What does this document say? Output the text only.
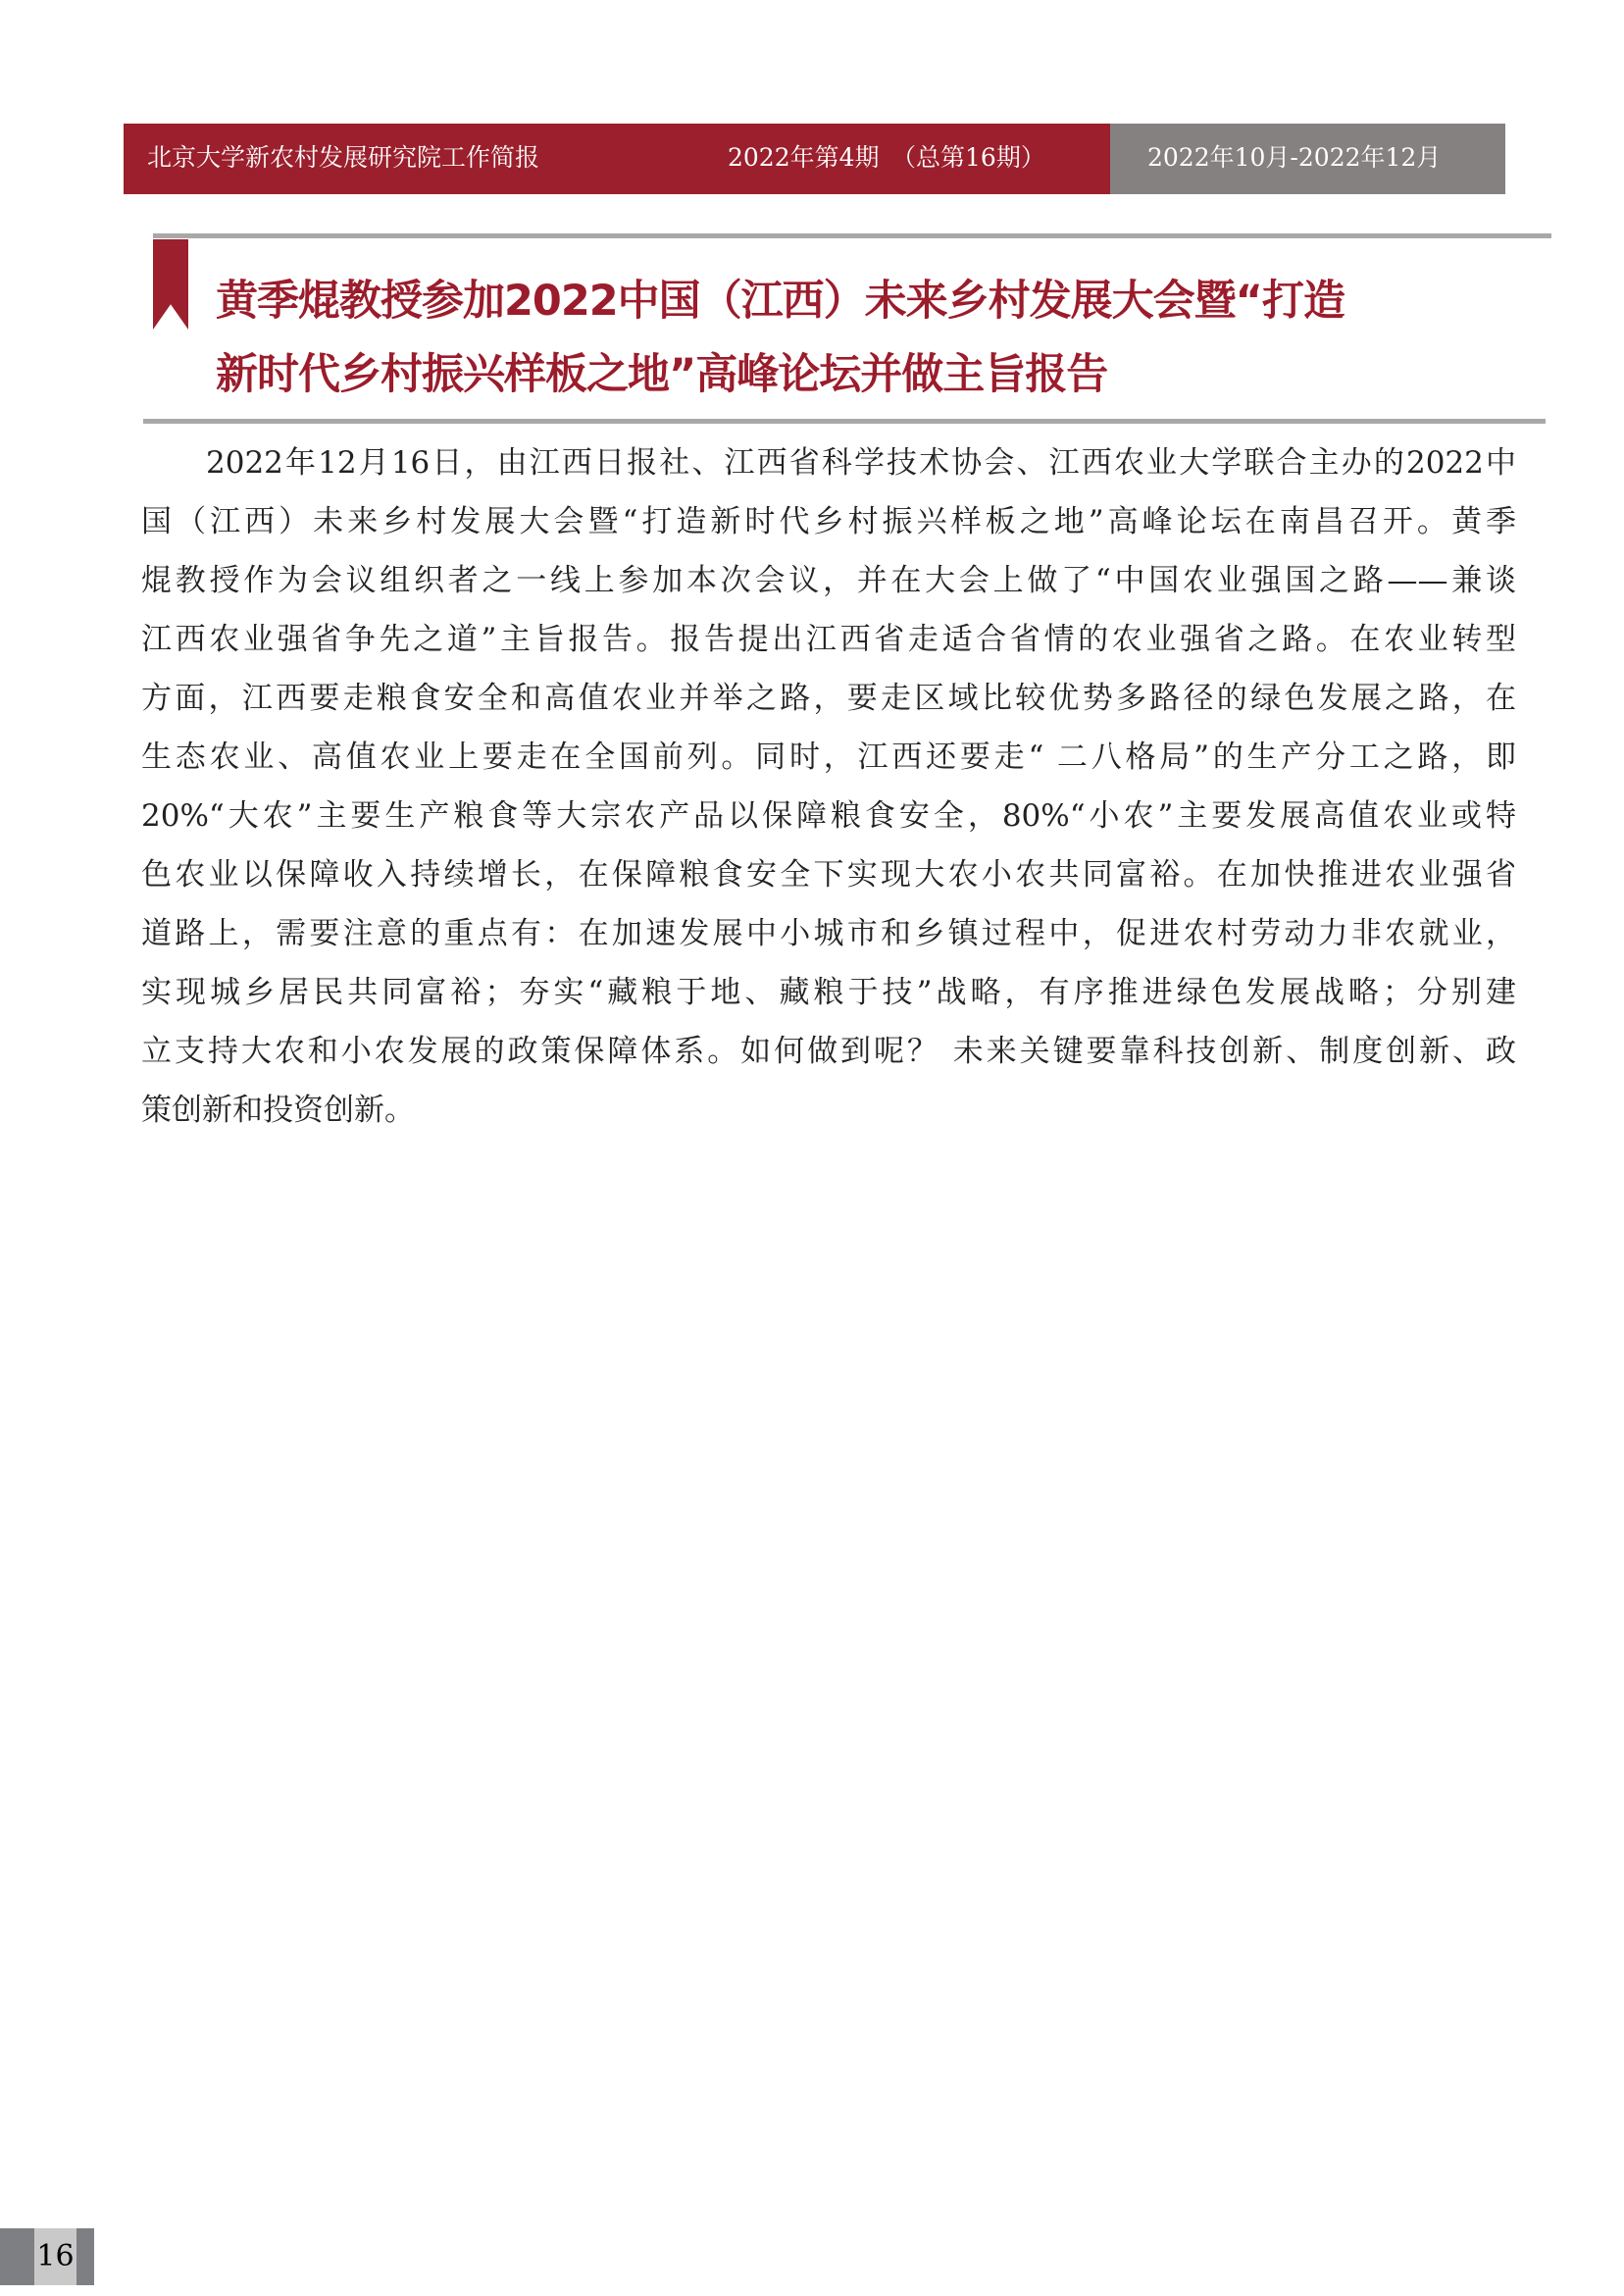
北京大学新农村发展研究院工作简报	2022年第4期　（总第16期）	2022年10月-2022年12月
黄季焜教授参加2022中国（江西）未来乡村发展大会暨“打造
新时代乡村振兴样板之地”高峰论坛并做主旨报告
2022年12月16日，由江西日报社、江西省科学技术协会、江西农业大学联合主办的2022中
国（江西）未来乡村发展大会暨“打造新时代乡村振兴样板之地”高峰论坛在南昌召开。黄季
焜教授作为会议组织者之一线上参加本次会议，并在大会上做了“中国农业强国之路——兼谈
江西农业强省争先之道”主旨报告。报告提出江西省走适合省情的农业强省之路。在农业转型
方面，江西要走粮食安全和高值农业并举之路，要走区域比较优势多路径的绿色发展之路，在
生态农业、高值农业上要走在全国前列。同时，江西还要走“ 二八格局”的生产分工之路，即
20%“大农”主要生产粮食等大宗农产品以保障粮食安全，80%“小农”主要发展高值农业或特
色农业以保障收入持续增长，在保障粮食安全下实现大农小农共同富裕。在加快推进农业强省
道路上，需要注意的重点有：在加速发展中小城市和乡镇过程中，促进农村劳动力非农就业，
实现城乡居民共同富裕；夯实“藏粮于地、藏粮于技”战略，有序推进绿色发展战略；分别建
立支持大农和小农发展的政策保障体系。如何做到呢？ 未来关键要靠科技创新、制度创新、政
策创新和投资创新。
16
